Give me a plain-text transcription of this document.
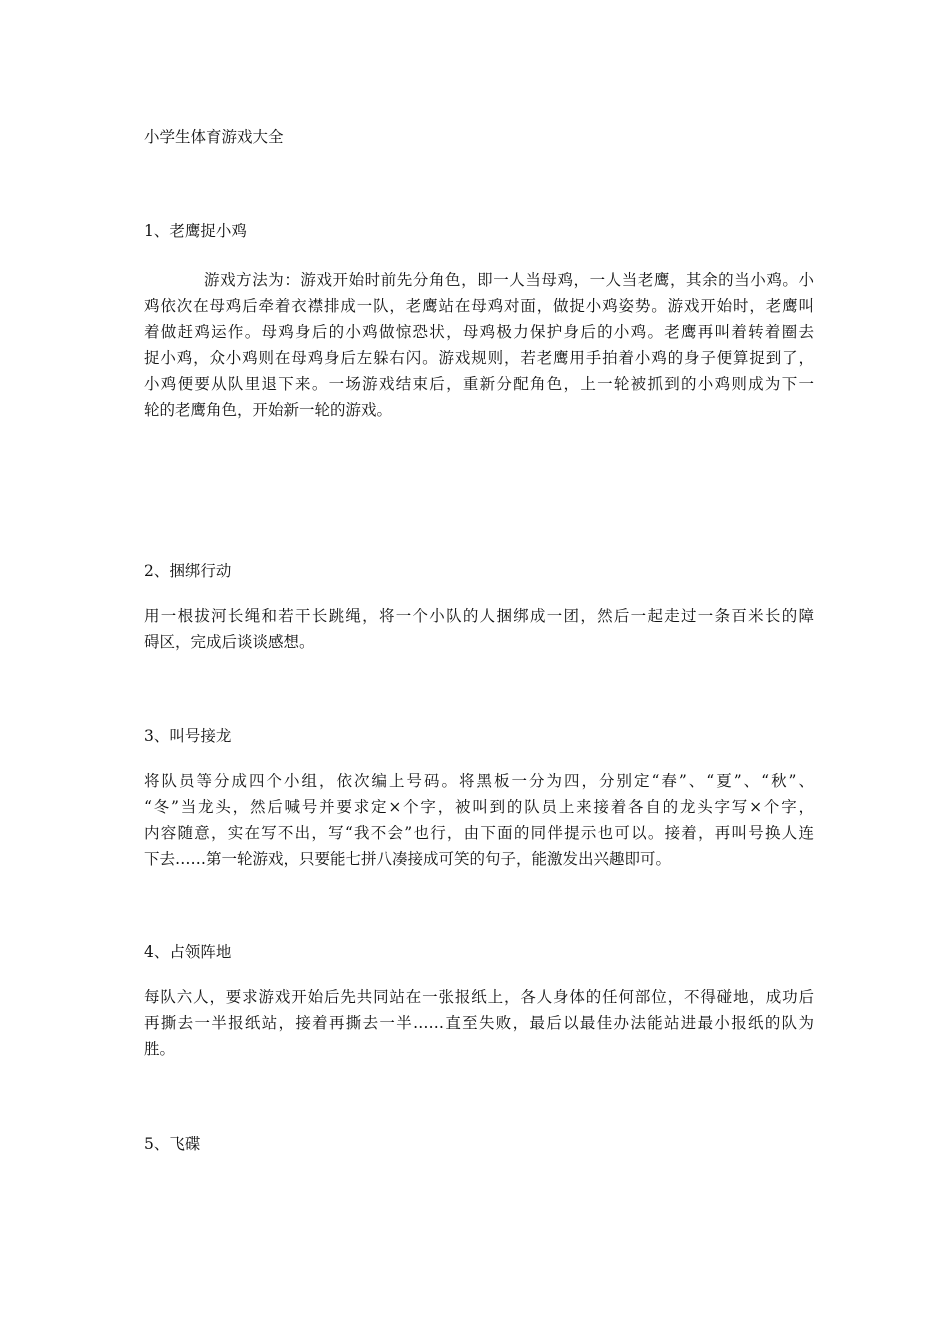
小学生体育游戏大全
1、老鹰捉小鸡
游戏方法为：游戏开始时前先分角色，即一人当母鸡，一人当老鹰，其余的当小鸡。小
鸡依次在母鸡后牵着衣襟排成一队，老鹰站在母鸡对面，做捉小鸡姿势。游戏开始时，老鹰叫
着做赶鸡运作。母鸡身后的小鸡做惊恐状，母鸡极力保护身后的小鸡。老鹰再叫着转着圈去
捉小鸡，众小鸡则在母鸡身后左躲右闪。游戏规则，若老鹰用手拍着小鸡的身子便算捉到了，
小鸡便要从队里退下来。一场游戏结束后，重新分配角色，上一轮被抓到的小鸡则成为下一
轮的老鹰角色，开始新一轮的游戏。
2、捆绑行动
用一根拔河长绳和若干长跳绳，将一个小队的人捆绑成一团，然后一起走过一条百米长的障
碍区，完成后谈谈感想。
3、叫号接龙
将队员等分成四个小组，依次编上号码。将黑板一分为四，分别定“春”、“夏”、“秋”、
“冬”当龙头，然后喊号并要求定×个字，被叫到的队员上来接着各自的龙头字写×个字，
内容随意，实在写不出，写“我不会”也行，由下面的同伴提示也可以。接着，再叫号换人连
下去……第一轮游戏，只要能七拼八凑接成可笑的句子，能激发出兴趣即可。
4、占领阵地
每队六人，要求游戏开始后先共同站在一张报纸上，各人身体的任何部位，不得碰地，成功后
再撕去一半报纸站，接着再撕去一半……直至失败，最后以最佳办法能站进最小报纸的队为
胜。
5、飞碟
